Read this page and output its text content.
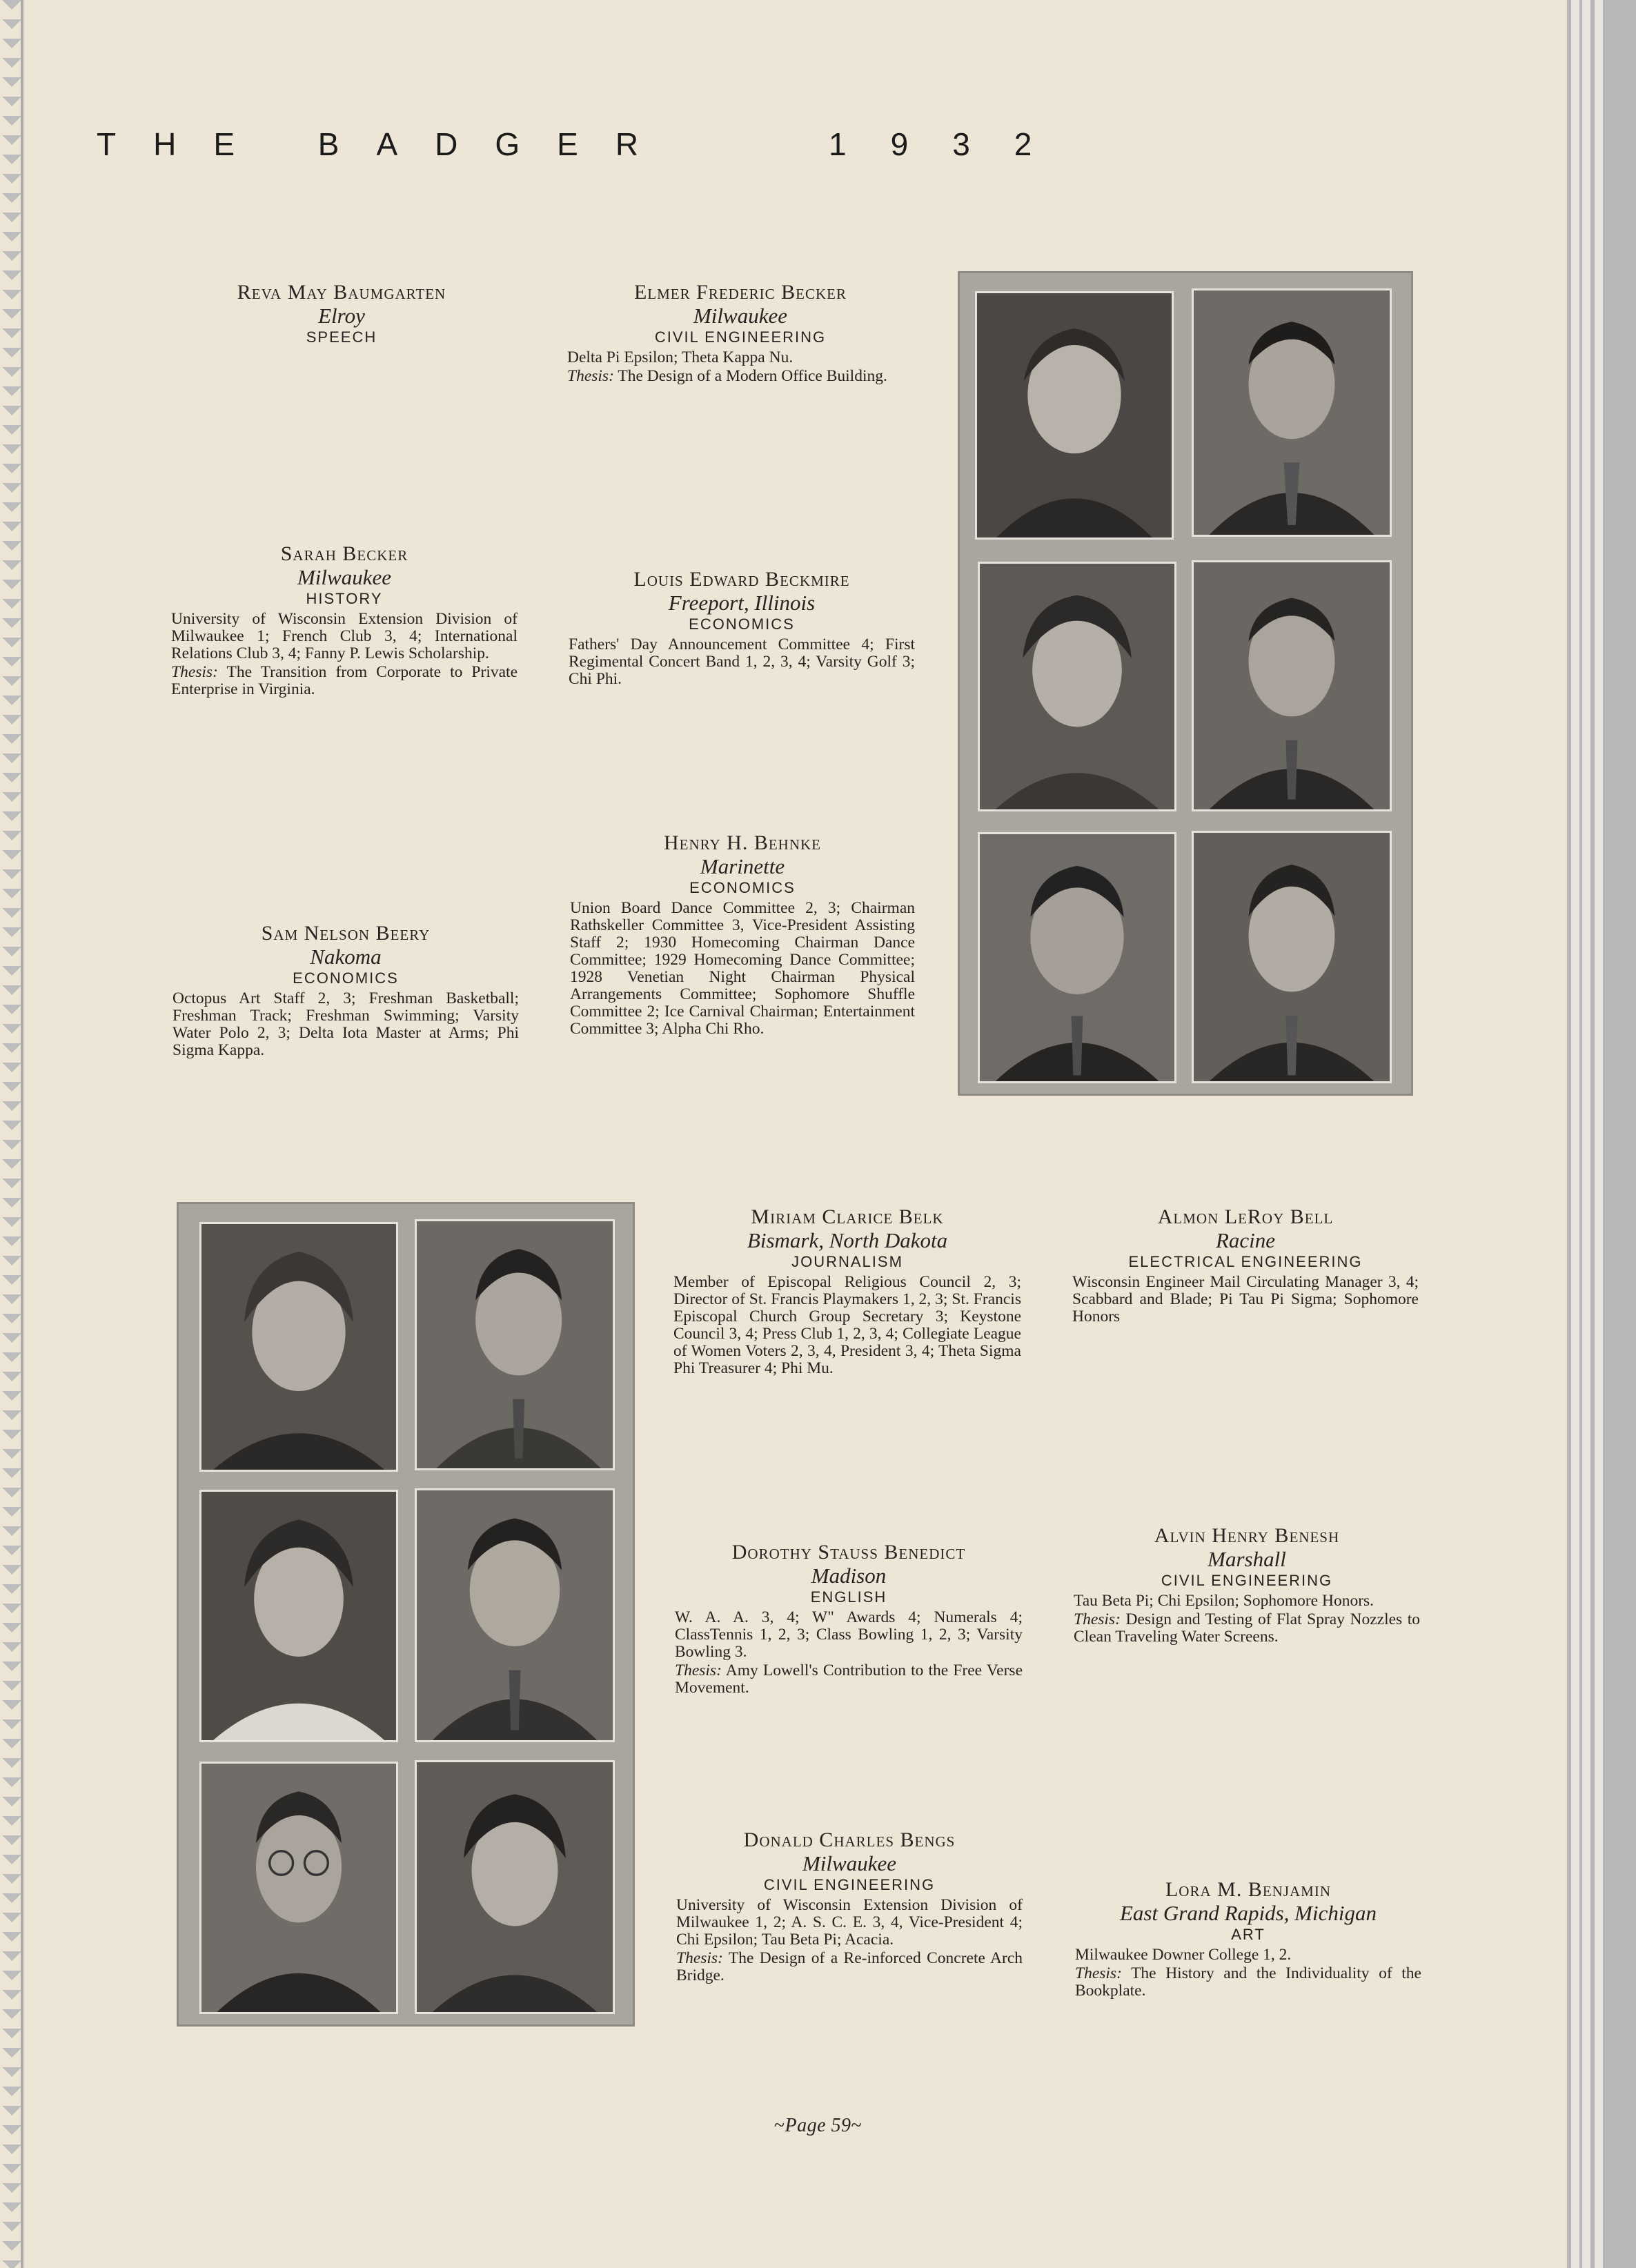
THE BADGER	1932
Reva May Baumgarten
Elroy
SPEECH
Elmer Frederic Becker
Milwaukee
CIVIL ENGINEERING
Delta Pi Epsilon; Theta Kappa Nu.
Thesis: The Design of a Modern Office Building.
Sarah Becker
Milwaukee
HISTORY
University of Wisconsin Extension Division of Milwaukee 1; French Club 3, 4; International Relations Club 3, 4; Fanny P. Lewis Scholarship.
Thesis: The Transition from Corporate to Private Enterprise in Virginia.
Louis Edward Beckmire
Freeport, Illinois
ECONOMICS
Fathers' Day Announcement Committee 4; First Regimental Concert Band 1, 2, 3, 4; Varsity Golf 3; Chi Phi.
Henry H. Behnke
Marinette
ECONOMICS
Union Board Dance Committee 2, 3; Chairman Rathskeller Committee 3, Vice-President Assisting Staff 2; 1930 Homecoming Chairman Dance Committee; 1929 Homecoming Dance Committee; 1928 Venetian Night Chairman Physical Arrangements Committee; Sophomore Shuffle Committee 2; Ice Carnival Chairman; Entertainment Committee 3; Alpha Chi Rho.
Sam Nelson Beery
Nakoma
ECONOMICS
Octopus Art Staff 2, 3; Freshman Basketball; Freshman Track; Freshman Swimming; Varsity Water Polo 2, 3; Delta Iota Master at Arms; Phi Sigma Kappa.
Miriam Clarice Belk
Bismark, North Dakota
JOURNALISM
Member of Episcopal Religious Council 2, 3; Director of St. Francis Playmakers 1, 2, 3; St. Francis Episcopal Church Group Secretary 3; Keystone Council 3, 4; Press Club 1, 2, 3, 4; Collegiate League of Women Voters 2, 3, 4, President 3, 4; Theta Sigma Phi Treasurer 4; Phi Mu.
Almon LeRoy Bell
Racine
ELECTRICAL ENGINEERING
Wisconsin Engineer Mail Circulating Manager 3, 4; Scabbard and Blade; Pi Tau Pi Sigma; Sophomore Honors
Dorothy Stauss Benedict
Madison
ENGLISH
W. A. A. 3, 4; W" Awards 4; Numerals 4; ClassTennis 1, 2, 3; Class Bowling 1, 2, 3; Varsity Bowling 3.
Thesis: Amy Lowell's Contribution to the Free Verse Movement.
Alvin Henry Benesh
Marshall
CIVIL ENGINEERING
Tau Beta Pi; Chi Epsilon; Sophomore Honors.
Thesis: Design and Testing of Flat Spray Nozzles to Clean Traveling Water Screens.
Donald Charles Bengs
Milwaukee
CIVIL ENGINEERING
University of Wisconsin Extension Division of Milwaukee 1, 2; A. S. C. E. 3, 4, Vice-President 4; Chi Epsilon; Tau Beta Pi; Acacia.
Thesis: The Design of a Re-inforced Concrete Arch Bridge.
Lora M. Benjamin
East Grand Rapids, Michigan
ART
Milwaukee Downer College 1, 2.
Thesis: The History and the Individuality of the Bookplate.
~Page 59~
